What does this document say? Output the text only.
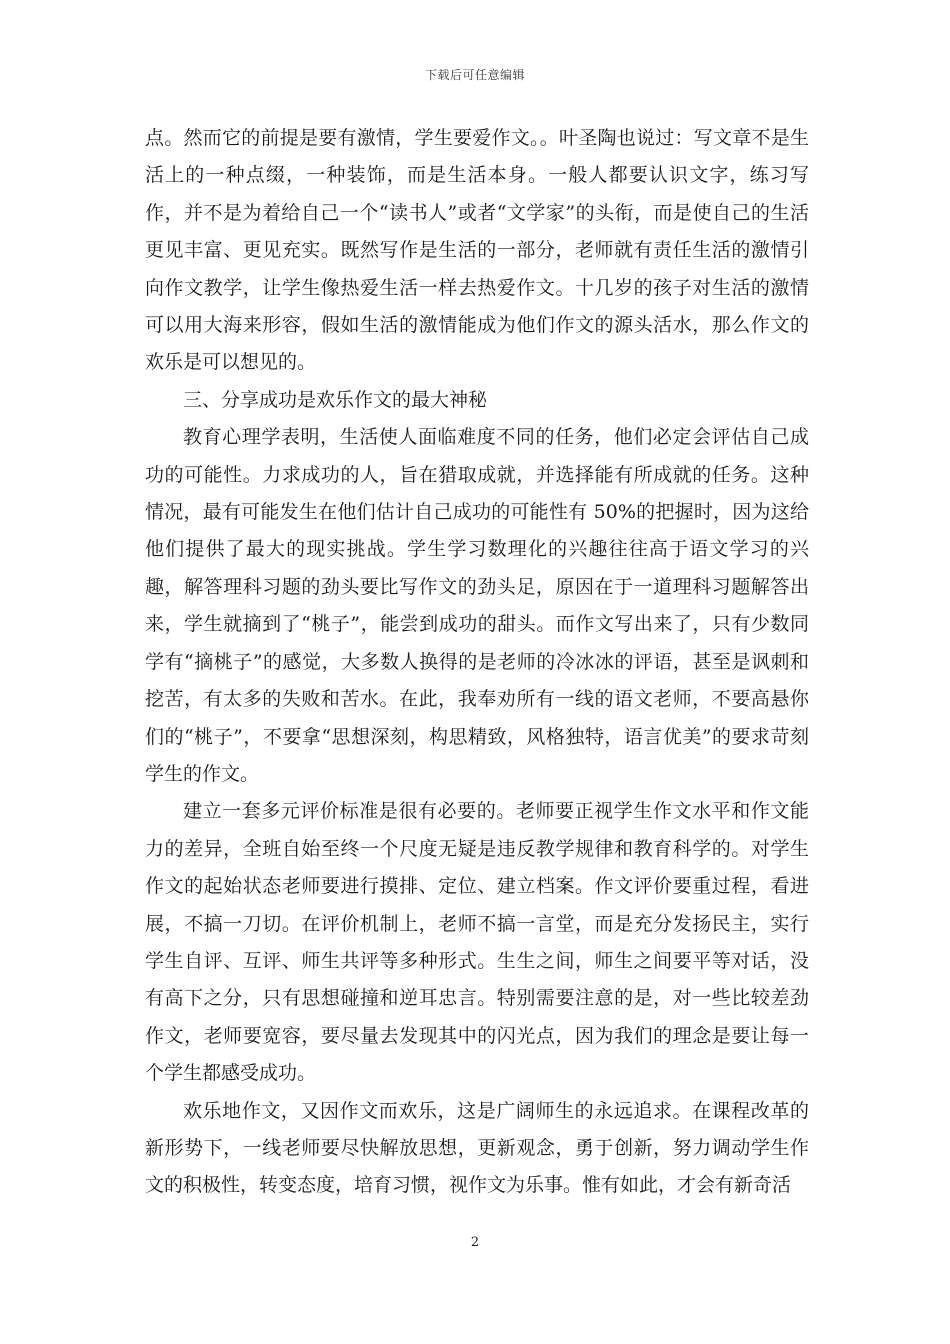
下载后可任意编辑

点。然而它的前提是要有激情，学生要爱作文。。叶圣陶也说过：写文章不是生活上的一种点缀，一种装饰，而是生活本身。一般人都要认识文字，练习写作，并不是为着给自己一个“读书人”或者“文学家”的头衔，而是使自己的生活更见丰富、更见充实。既然写作是生活的一部分，老师就有责任生活的激情引向作文教学，让学生像热爱生活一样去热爱作文。十几岁的孩子对生活的激情可以用大海来形容，假如生活的激情能成为他们作文的源头活水，那么作文的欢乐是可以想见的。

三、分享成功是欢乐作文的最大神秘

教育心理学表明，生活使人面临难度不同的任务，他们必定会评估自己成功的可能性。力求成功的人，旨在猎取成就，并选择能有所成就的任务。这种情况，最有可能发生在他们估计自己成功的可能性有 50%的把握时，因为这给他们提供了最大的现实挑战。学生学习数理化的兴趣往往高于语文学习的兴趣，解答理科习题的劲头要比写作文的劲头足，原因在于一道理科习题解答出来，学生就摘到了“桃子”，能尝到成功的甜头。而作文写出来了，只有少数同学有“摘桃子”的感觉，大多数人换得的是老师的冷冰冰的评语，甚至是讽刺和挖苦，有太多的失败和苦水。在此，我奉劝所有一线的语文老师，不要高悬你们的“桃子”，不要拿“思想深刻，构思精致，风格独特，语言优美”的要求苛刻学生的作文。

建立一套多元评价标准是很有必要的。老师要正视学生作文水平和作文能力的差异，全班自始至终一个尺度无疑是违反教学规律和教育科学的。对学生作文的起始状态老师要进行摸排、定位、建立档案。作文评价要重过程，看进展，不搞一刀切。在评价机制上，老师不搞一言堂，而是充分发扬民主，实行学生自评、互评、师生共评等多种形式。生生之间，师生之间要平等对话，没有高下之分，只有思想碰撞和逆耳忠言。特别需要注意的是，对一些比较差劲作文，老师要宽容，要尽量去发现其中的闪光点，因为我们的理念是要让每一个学生都感受成功。

欢乐地作文，又因作文而欢乐，这是广阔师生的永远追求。在课程改革的新形势下，一线老师要尽快解放思想，更新观念，勇于创新，努力调动学生作文的积极性，转变态度，培育习惯，视作文为乐事。惟有如此，才会有新奇活

2
